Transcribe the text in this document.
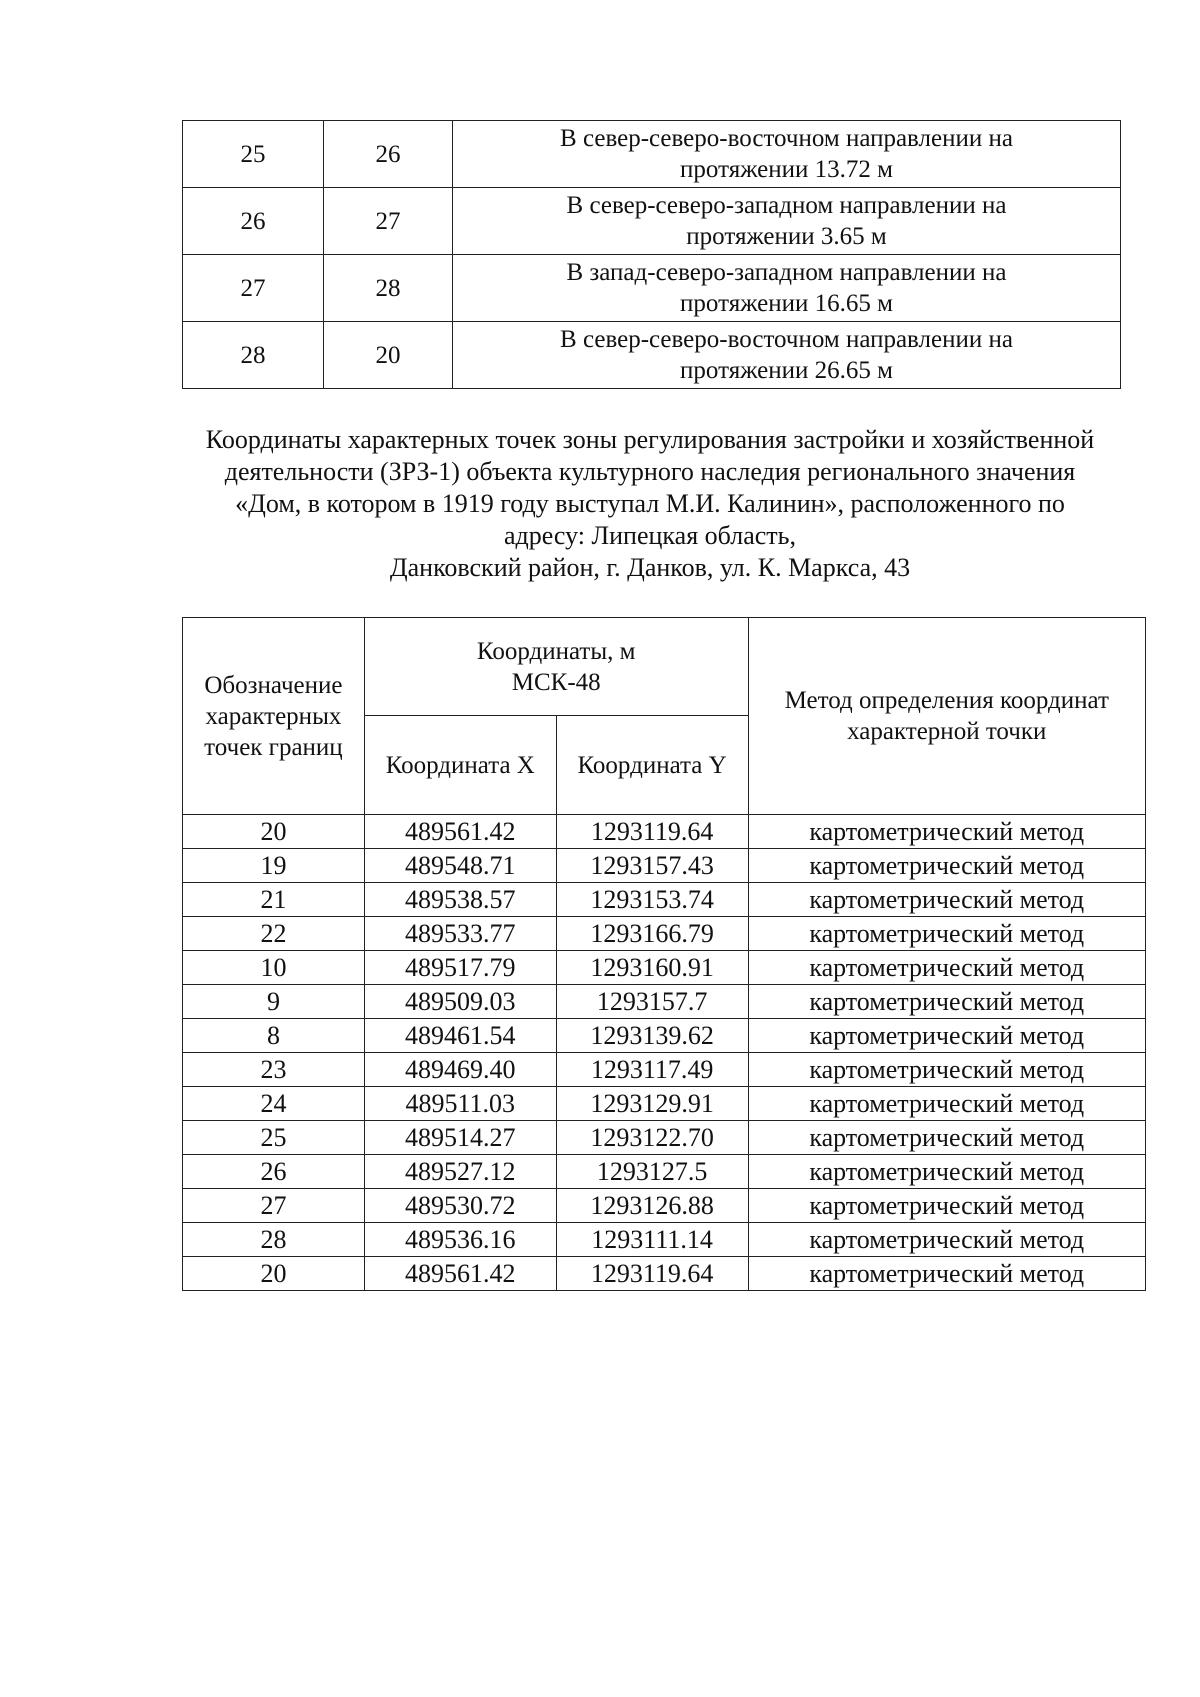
25	26	В север-северо-восточном направлении на
протяжении 13.72 м
26	27	В север-северо-западном направлении на
протяжении 3.65 м
27	28	В запад-северо-западном направлении на
протяжении 16.65 м
28	20	В север-северо-восточном направлении на
протяжении 26.65 м

Координаты характерных точек зоны регулирования застройки и хозяйственной
деятельности (ЗРЗ-1) объекта культурного наследия регионального значения
«Дом, в котором в 1919 году выступал М.И. Калинин», расположенного по
адресу: Липецкая область,
Данковский район, г. Данков, ул. К. Маркса, 43

Обозначение
характерных
точек границ	Координаты, м
МСК-48		Метод определения координат
характерной точки
	Координата X	Координата Y	
20	489561.42	1293119.64	картометрический метод
19	489548.71	1293157.43	картометрический метод
21	489538.57	1293153.74	картометрический метод
22	489533.77	1293166.79	картометрический метод
10	489517.79	1293160.91	картометрический метод
9	489509.03	1293157.7	картометрический метод
8	489461.54	1293139.62	картометрический метод
23	489469.40	1293117.49	картометрический метод
24	489511.03	1293129.91	картометрический метод
25	489514.27	1293122.70	картометрический метод
26	489527.12	1293127.5	картометрический метод
27	489530.72	1293126.88	картометрический метод
28	489536.16	1293111.14	картометрический метод
20	489561.42	1293119.64	картометрический метод
